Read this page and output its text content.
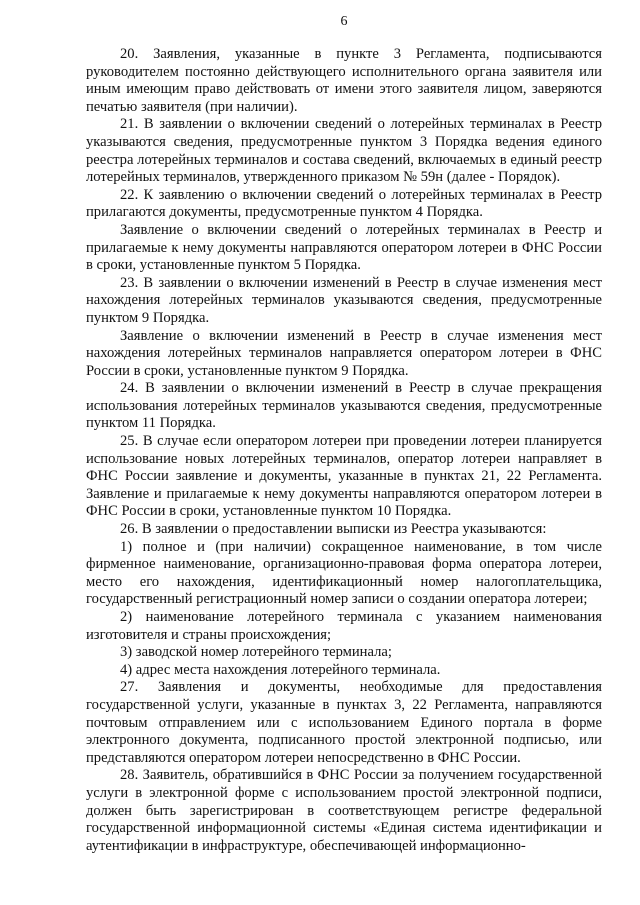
6

20. Заявления, указанные в пункте 3 Регламента, подписываются руководителем постоянно действующего исполнительного органа заявителя или иным имеющим право действовать от имени этого заявителя лицом, заверяются печатью заявителя (при наличии).

21. В заявлении о включении сведений о лотерейных терминалах в Реестр указываются сведения, предусмотренные пунктом 3 Порядка ведения единого реестра лотерейных терминалов и состава сведений, включаемых в единый реестр лотерейных терминалов, утвержденного приказом № 59н (далее - Порядок).

22. К заявлению о включении сведений о лотерейных терминалах в Реестр прилагаются документы, предусмотренные пунктом 4 Порядка.

Заявление о включении сведений о лотерейных терминалах в Реестр и прилагаемые к нему документы направляются оператором лотереи в ФНС России в сроки, установленные пунктом 5 Порядка.

23. В заявлении о включении изменений в Реестр в случае изменения мест нахождения лотерейных терминалов указываются сведения, предусмотренные пунктом 9 Порядка.

Заявление о включении изменений в Реестр в случае изменения мест нахождения лотерейных терминалов направляется оператором лотереи в ФНС России в сроки, установленные пунктом 9 Порядка.

24. В заявлении о включении изменений в Реестр в случае прекращения использования лотерейных терминалов указываются сведения, предусмотренные пунктом 11 Порядка.

25. В случае если оператором лотереи при проведении лотереи планируется использование новых лотерейных терминалов, оператор лотереи направляет в ФНС России заявление и документы, указанные в пунктах 21, 22 Регламента. Заявление и прилагаемые к нему документы направляются оператором лотереи в ФНС России в сроки, установленные пунктом 10 Порядка.

26. В заявлении о предоставлении выписки из Реестра указываются:

1) полное и (при наличии) сокращенное наименование, в том числе фирменное наименование, организационно-правовая форма оператора лотереи, место его нахождения, идентификационный номер налогоплательщика, государственный регистрационный номер записи о создании оператора лотереи;

2) наименование лотерейного терминала с указанием наименования изготовителя и страны происхождения;

3) заводской номер лотерейного терминала;

4) адрес места нахождения лотерейного терминала.

27. Заявления и документы, необходимые для предоставления государственной услуги, указанные в пунктах 3, 22 Регламента, направляются почтовым отправлением или с использованием Единого портала в форме электронного документа, подписанного простой электронной подписью, или представляются оператором лотереи непосредственно в ФНС России.

28. Заявитель, обратившийся в ФНС России за получением государственной услуги в электронной форме с использованием простой электронной подписи, должен быть зарегистрирован в соответствующем регистре федеральной государственной информационной системы «Единая система идентификации и аутентификации в инфраструктуре, обеспечивающей информационно-
